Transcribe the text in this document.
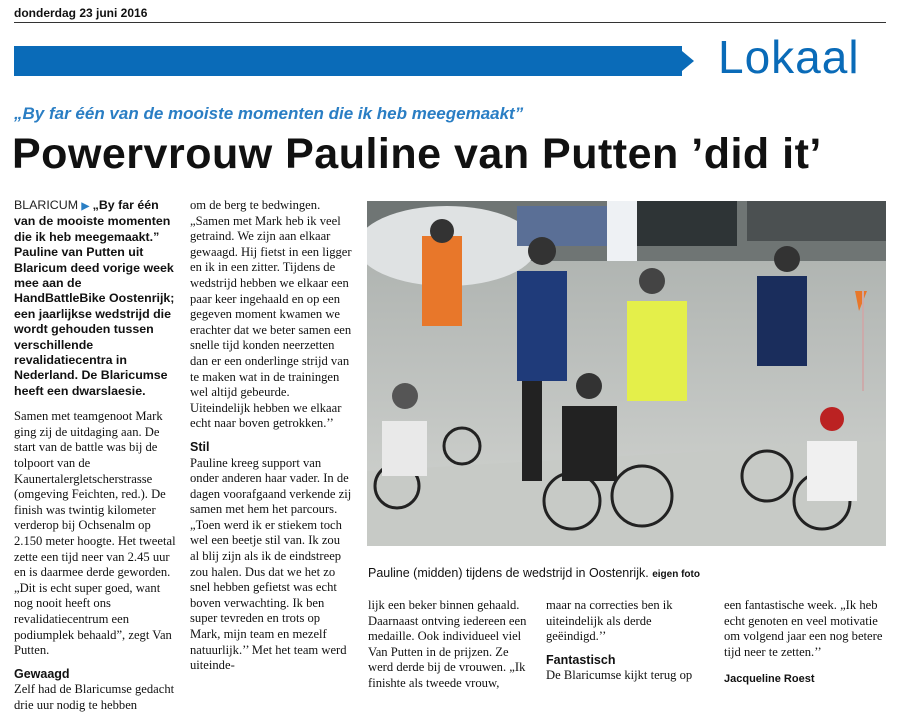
donderdag 23 juni 2016
Lokaal
„By far één van de mooiste momenten die ik heb meegemaakt”
Powervrouw Pauline van Putten ’did it’

BLARICUM ▶ „By far één van de mooiste momenten die ik heb meegemaakt.” Pauline van Putten uit Blaricum deed vorige week mee aan de HandBattleBike Oostenrijk; een jaarlijkse wedstrijd die wordt gehouden tussen verschillende revalidatiecentra in Nederland. De Blaricumse heeft een dwarslaesie.

Samen met teamgenoot Mark ging zij de uitdaging aan. De start van de battle was bij de tolpoort van de Kaunertalergletscherstrasse (omgeving Feichten, red.). De finish was twintig kilometer verderop bij Ochsenalm op 2.150 meter hoogte. Het tweetal zette een tijd neer van 2.45 uur en is daarmee derde geworden.

„Dit is echt super goed, want nog nooit heeft ons revalidatiecentrum een podiumplek behaald”, zegt Van Putten.

Gewaagd

Zelf had de Blaricumse gedacht drie uur nodig te hebben

om de berg te bedwingen.

„Samen met Mark heb ik veel getraind. We zijn aan elkaar gewaagd. Hij fietst in een ligger en ik in een zitter. Tijdens de wedstrijd hebben we elkaar een paar keer ingehaald en op een gegeven moment kwamen we erachter dat we beter samen een snelle tijd konden neerzetten dan er een onderlinge strijd van te maken wat in de trainingen wel altijd gebeurde. Uiteindelijk hebben we elkaar echt naar boven getrokken.’’

Stil

Pauline kreeg support van onder anderen haar vader. In de dagen voorafgaand verkende zij samen met hem het parcours. „Toen werd ik er stiekem toch wel een beetje stil van. Ik zou al blij zijn als ik de eindstreep zou halen. Dus dat we het zo snel hebben gefietst was echt boven verwachting. Ik ben super tevreden en trots op Mark, mijn team en mezelf natuurlijk.’’ Met het team werd uiteinde-

Pauline (midden) tijdens de wedstrijd in Oostenrijk. eigen foto

lijk een beker binnen gehaald. Daarnaast ontving iedereen een medaille. Ook individueel viel Van Putten in de prijzen. Ze werd derde bij de vrouwen. „Ik finishte als tweede vrouw,

maar na correcties ben ik uiteindelijk als derde geëindigd.’’

Fantastisch

De Blaricumse kijkt terug op

een fantastische week. „Ik heb echt genoten en veel motivatie om volgend jaar een nog betere tijd neer te zetten.’’

Jacqueline Roest
